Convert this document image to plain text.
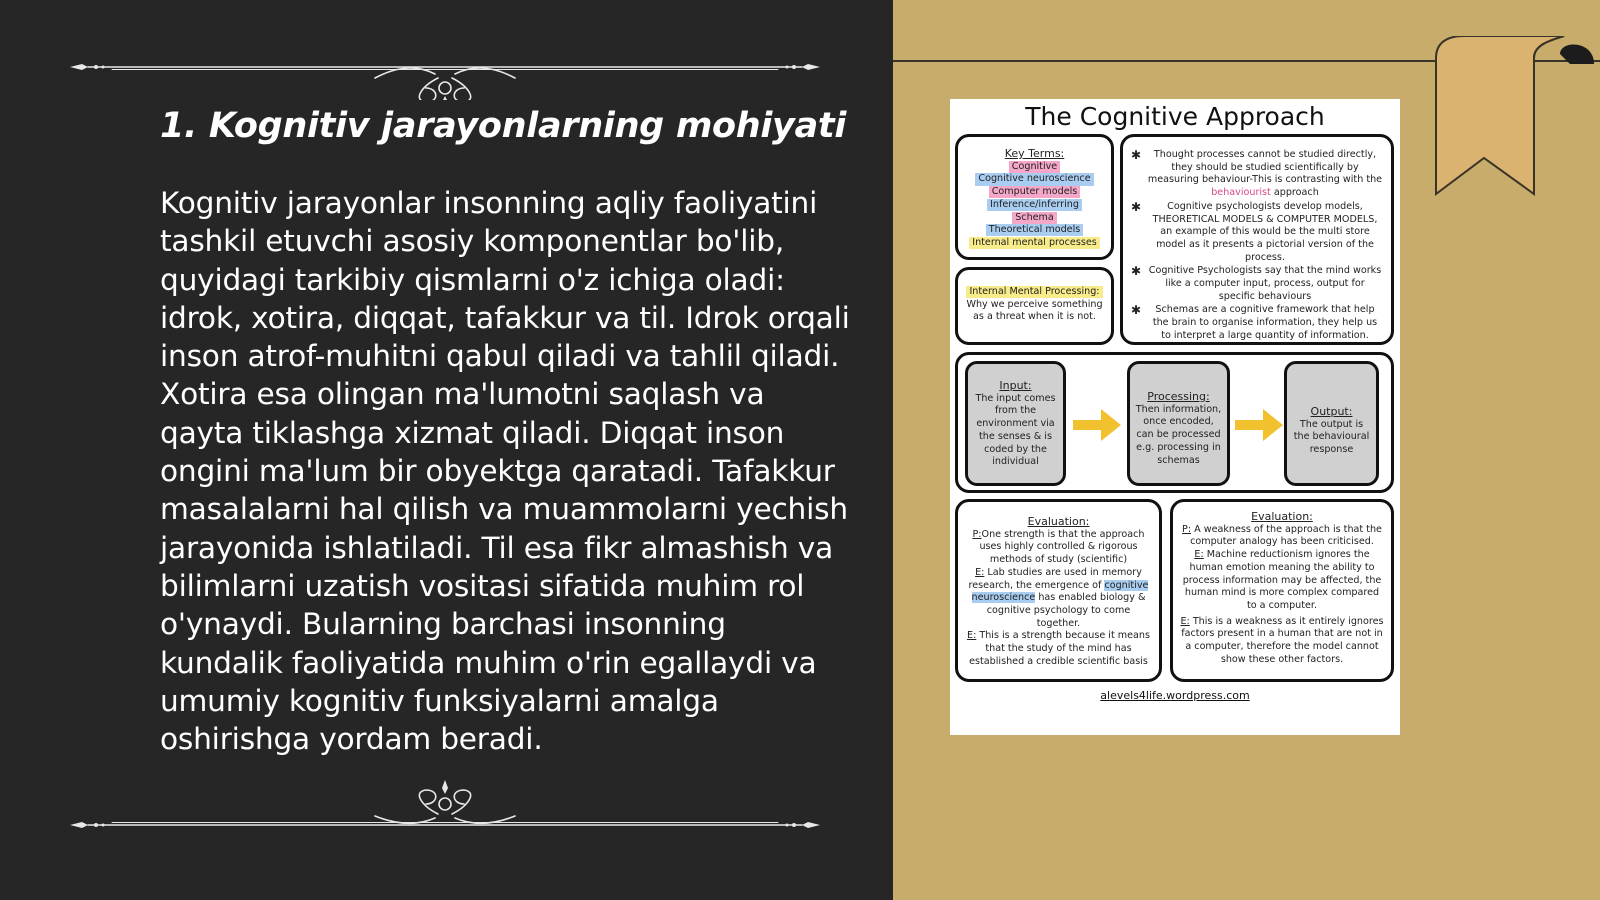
1. Kognitiv jarayonlarning mohiyati

Kognitiv jarayonlar insonning aqliy faoliyatini tashkil etuvchi asosiy komponentlar bo'lib, quyidagi tarkibiy qismlarni o'z ichiga oladi: idrok, xotira, diqqat, tafakkur va til. Idrok orqali inson atrof-muhitni qabul qiladi va tahlil qiladi. Xotira esa olingan ma'lumotni saqlash va qayta tiklashga xizmat qiladi. Diqqat inson ongini ma'lum bir obyektga qaratadi. Tafakkur masalalarni hal qilish va muammolarni yechish jarayonida ishlatiladi. Til esa fikr almashish va bilimlarni uzatish vositasi sifatida muhim rol o'ynaydi. Bularning barchasi insonning kundalik faoliyatida muhim o'rin egallaydi va umumiy kognitiv funksiyalarni amalga oshirishga yordam beradi.

The Cognitive Approach
Key Terms:
Cognitive
Cognitive neuroscience
Computer models
Inference/inferring
Schema
Theoretical models
Internal mental processes
Internal Mental Processing:
Why we perceive something as a threat when it is not.
✱	Thought processes cannot be studied directly, they should be studied scientifically by measuring behaviour-This is contrasting with the behaviourist approach
✱	Cognitive psychologists develop models, THEORETICAL MODELS & COMPUTER MODELS, an example of this would be the multi store model as it presents a pictorial version of the process.
✱ Cognitive Psychologists say that the mind works like a computer input, process, output for specific behaviours
✱	Schemas are a cognitive framework that help the brain to organise information, they help us to interpret a large quantity of information.
Input:
The input comes from the environment via the senses & is coded by the individual
Processing:
Then information, once encoded, can be processed e.g. processing in schemas
Output:
The output is the behavioural response
Evaluation:
P:One strength is that the approach uses highly controlled & rigorous methods of study (scientific)
E: Lab studies are used in memory research, the emergence of cognitive neuroscience has enabled biology & cognitive psychology to come together.
E: This is a strength because it means that the study of the mind has established a credible scientific basis
Evaluation:
P: A weakness of the approach is that the computer analogy has been criticised.
E: Machine reductionism ignores the human emotion meaning the ability to process information may be affected, the human mind is more complex compared to a computer.
E: This is a weakness as it entirely ignores factors present in a human that are not in a computer, therefore the model cannot show these other factors.
alevels4life.wordpress.com
